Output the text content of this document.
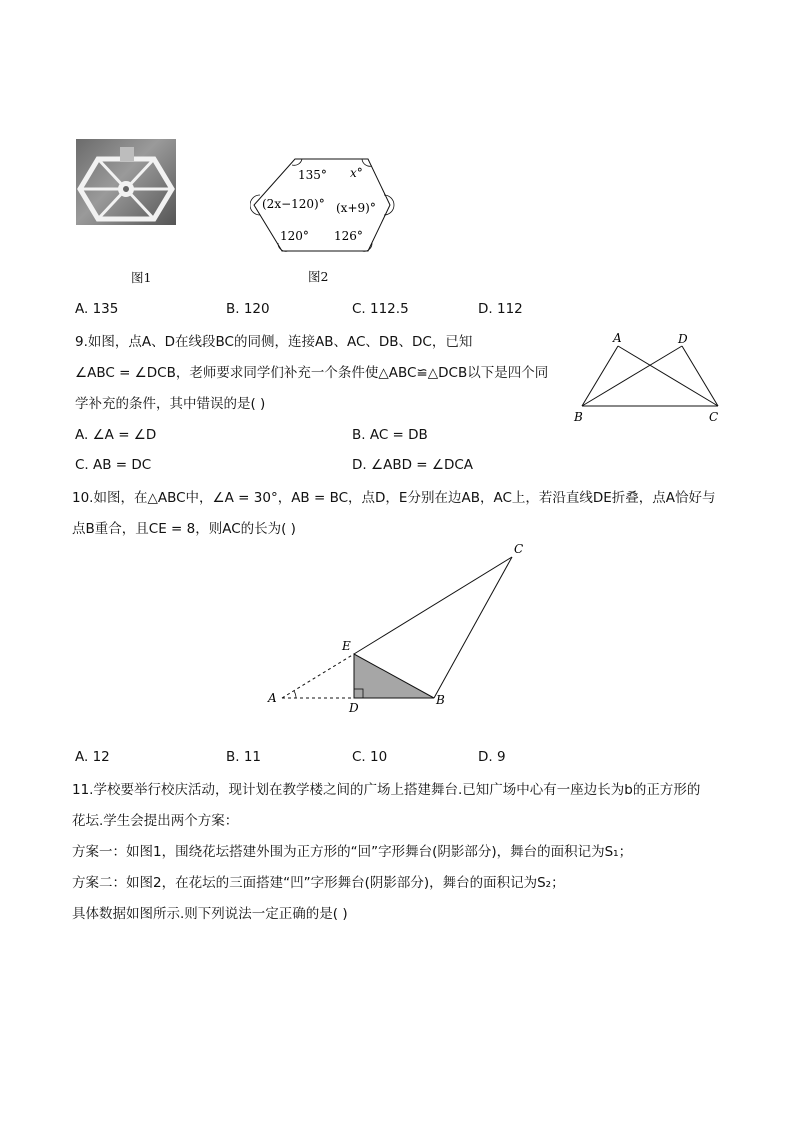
图1
135° x°
(2x−120)° (x+9)°
120° 126°
图2
A. 135	B. 120	C. 112.5	D. 112
9.如图，点A、D在线段BC的同侧，连接AB、AC、DB、DC，已知
∠ABC = ∠DCB，老师要求同学们补充一个条件使△ABC≌△DCB以下是四个同
学补充的条件，其中错误的是( )
A	D
B	C
A. ∠A = ∠D	B. AC = DB
C. AB = DC	D. ∠ABD = ∠DCA
10.如图，在△ABC中，∠A = 30°，AB = BC，点D，E分别在边AB，AC上，若沿直线DE折叠，点A恰好与
点B重合，且CE = 8，则AC的长为( )
C
E
A
D
B
A. 12	B. 11	C. 10	D. 9
11.学校要举行校庆活动，现计划在教学楼之间的广场上搭建舞台.已知广场中心有一座边长为b的正方形的
花坛.学生会提出两个方案：
方案一：如图1，围绕花坛搭建外围为正方形的“回”字形舞台(阴影部分)，舞台的面积记为S₁；
方案二：如图2，在花坛的三面搭建“凹”字形舞台(阴影部分)，舞台的面积记为S₂；
具体数据如图所示.则下列说法一定正确的是( )
